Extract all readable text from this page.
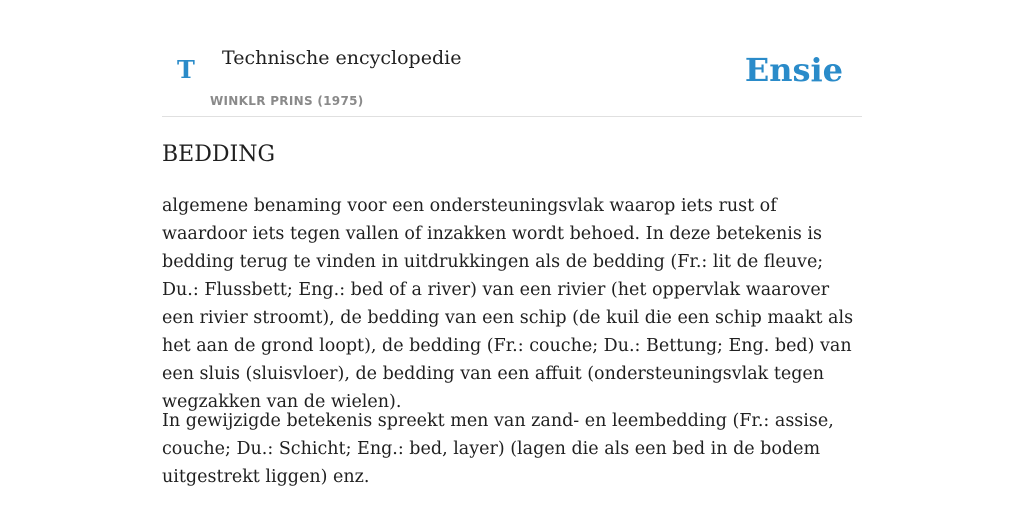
T Technische encyclopedie
WINKLR PRINS (1975)
Ensie
BEDDING

algemene benaming voor een ondersteuningsvlak waarop iets rust of waardoor iets tegen vallen of inzakken wordt behoed. In deze betekenis is bedding terug te vinden in uitdrukkingen als de bedding (Fr.: lit de fleuve; Du.: Flussbett; Eng.: bed of a river) van een rivier (het oppervlak waarover een rivier stroomt), de bedding van een schip (de kuil die een schip maakt als het aan de grond loopt), de bedding (Fr.: couche; Du.: Bettung; Eng. bed) van een sluis (sluisvloer), de bedding van een affuit (ondersteuningsvlak tegen wegzakken van de wielen).

In gewijzigde betekenis spreekt men van zand- en leembedding (Fr.: assise, couche; Du.: Schicht; Eng.: bed, layer) (lagen die als een bed in de bodem uitgestrekt liggen) enz.
